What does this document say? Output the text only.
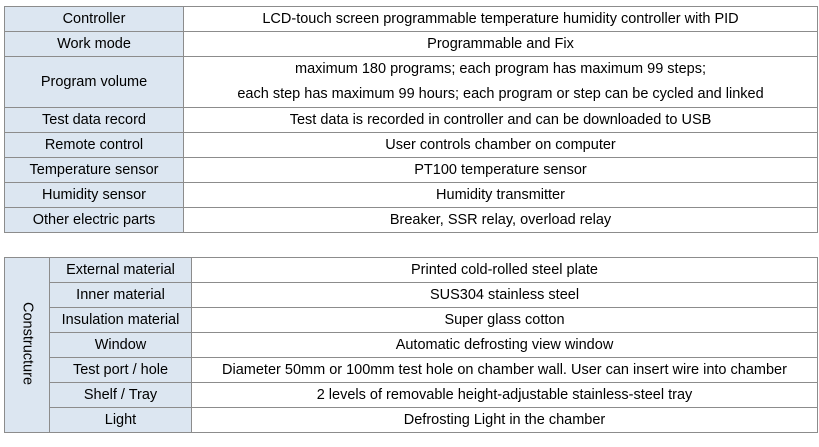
Controller	LCD-touch screen programmable temperature humidity controller with PID
Work mode	Programmable and Fix
Program volume	maximum 180 programs; each program has maximum 99 steps;
each step has maximum 99 hours; each program or step can be cycled and linked

Test data record	Test data is recorded in controller and can be downloaded to USB
Remote control	User controls chamber on computer
Temperature sensor	PT100 temperature sensor
Humidity sensor	Humidity transmitter
Other electric parts	Breaker, SSR relay, overload relay
Constructure	External material	Printed cold-rolled steel plate
	Inner material	SUS304 stainless steel
	Insulation material	Super glass cotton
	Window	Automatic defrosting view window
	Test port / hole	Diameter 50mm or 100mm test hole on chamber wall. User can insert wire into chamber
	Shelf / Tray	2 levels of removable height-adjustable stainless-steel tray
	Light	Defrosting Light in the chamber
